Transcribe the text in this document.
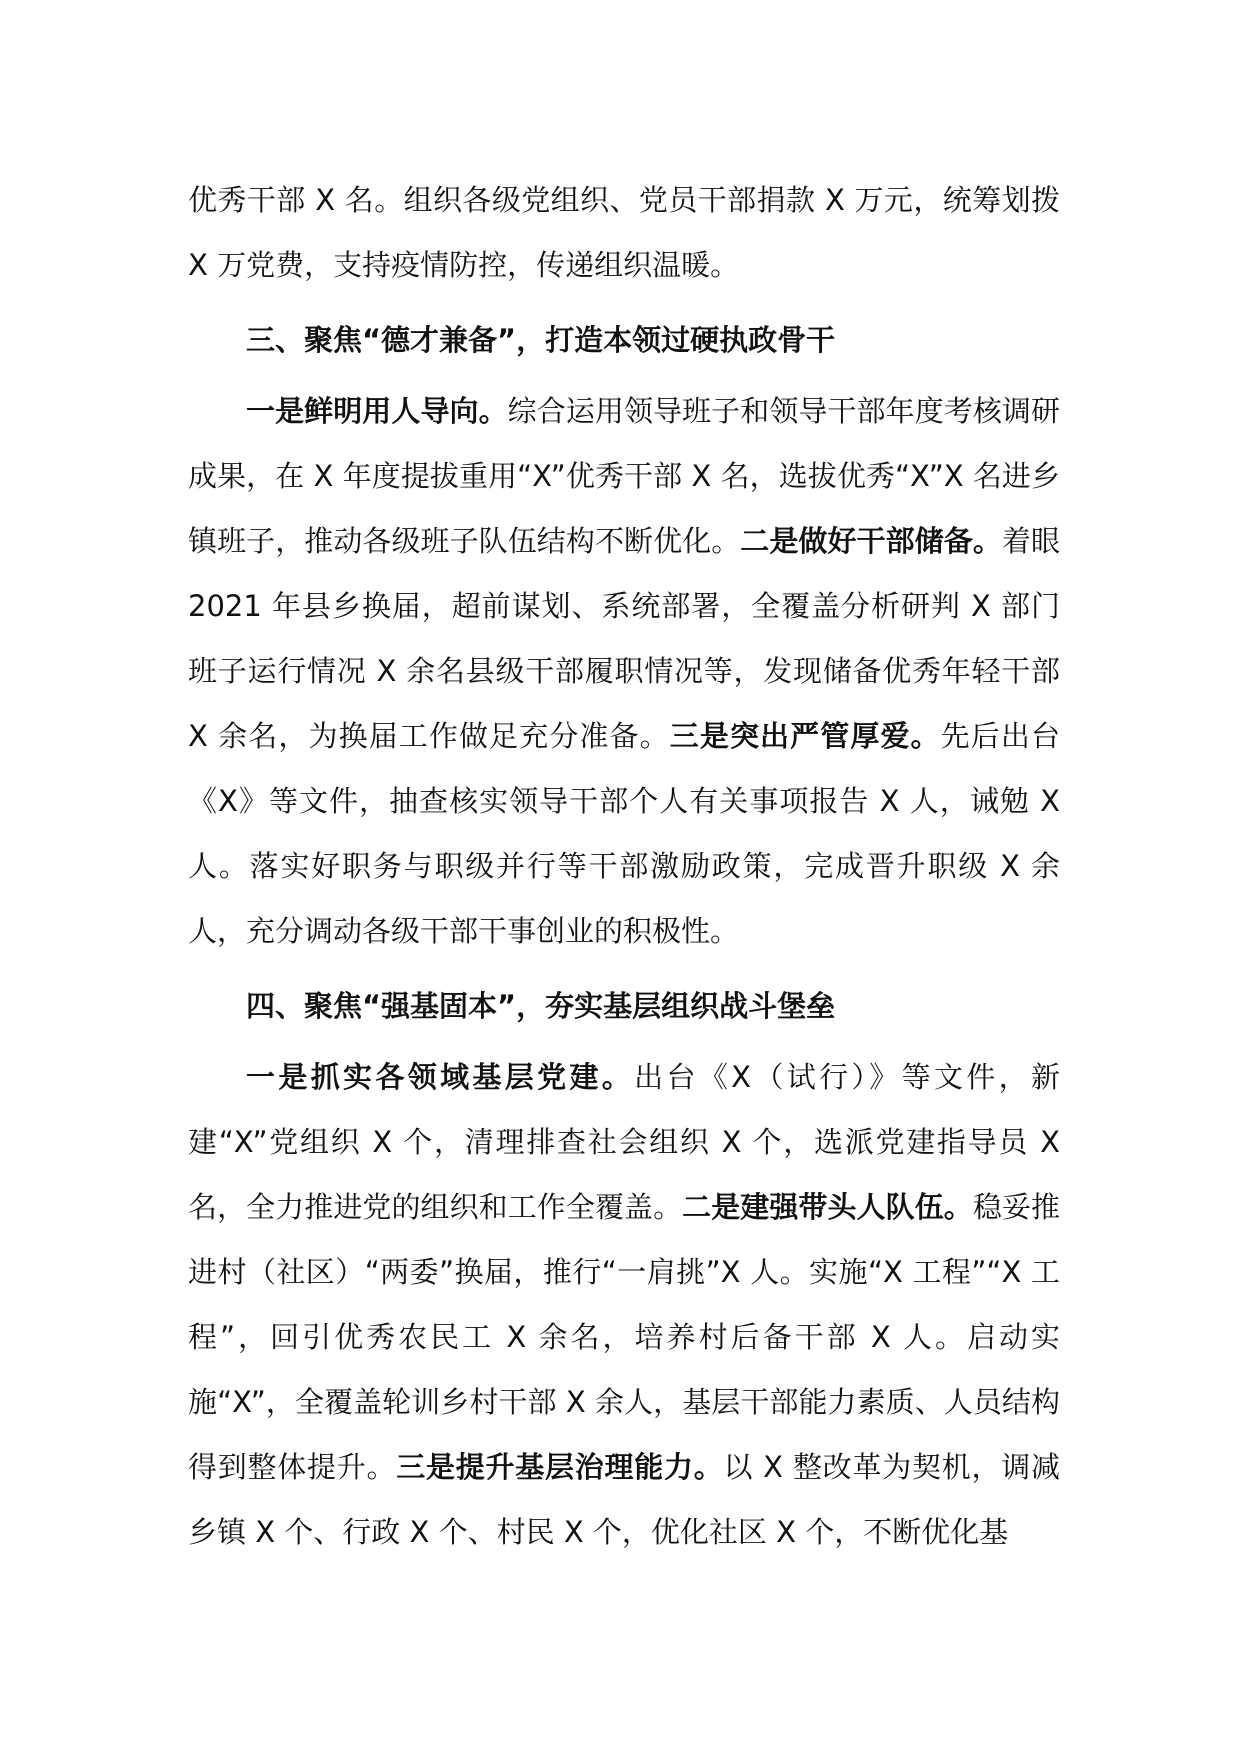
优秀干部 X 名。组织各级党组织、党员干部捐款 X 万元，统筹划拨 X 万党费，支持疫情防控，传递组织温暖。

三、聚焦“德才兼备”，打造本领过硬执政骨干

一是鲜明用人导向。综合运用领导班子和领导干部年度考核调研成果，在 X 年度提拔重用“X”优秀干部 X 名，选拔优秀“X”X 名进乡镇班子，推动各级班子队伍结构不断优化。二是做好干部储备。着眼 2021 年县乡换届，超前谋划、系统部署，全覆盖分析研判 X 部门班子运行情况 X 余名县级干部履职情况等，发现储备优秀年轻干部 X 余名，为换届工作做足充分准备。三是突出严管厚爱。先后出台《X》等文件，抽查核实领导干部个人有关事项报告 X 人，诫勉 X 人。落实好职务与职级并行等干部激励政策，完成晋升职级 X 余人，充分调动各级干部干事创业的积极性。

四、聚焦“强基固本”，夯实基层组织战斗堡垒

一是抓实各领域基层党建。出台《X（试行）》等文件，新建“X”党组织 X 个，清理排查社会组织 X 个，选派党建指导员 X 名，全力推进党的组织和工作全覆盖。二是建强带头人队伍。稳妥推进村（社区）“两委”换届，推行“一肩挑”X 人。实施“X 工程”“X 工程”，回引优秀农民工 X 余名，培养村后备干部 X 人。启动实施“X”，全覆盖轮训乡村干部 X 余人，基层干部能力素质、人员结构得到整体提升。三是提升基层治理能力。以 X 整改革为契机，调减乡镇 X 个、行政 X 个、村民 X 个，优化社区 X 个，不断优化基
